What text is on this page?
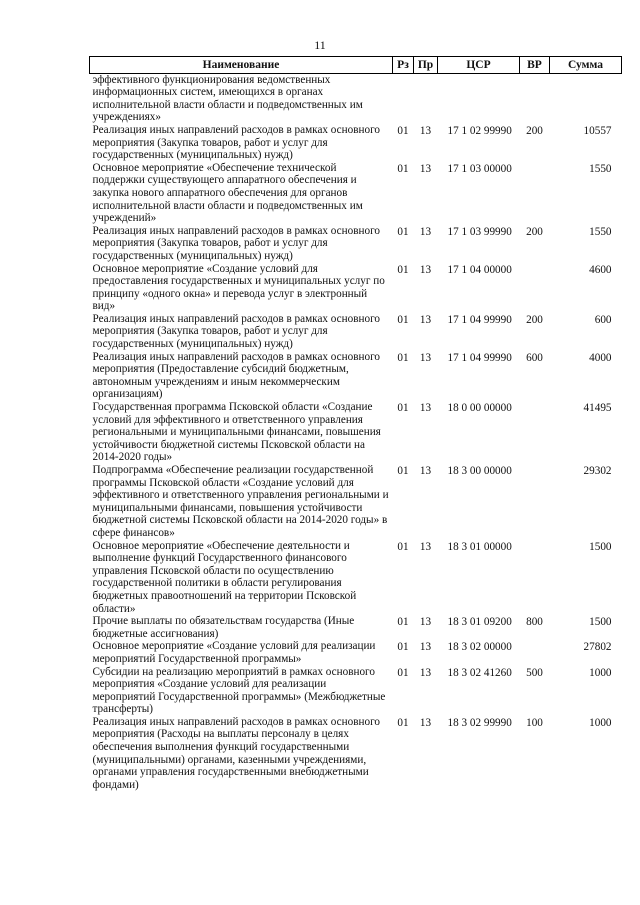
11
Наименование	Рз	Пр	ЦСР	ВР	Сумма
эффективного функционирования ведомственных информационных систем, имеющихся в органах исполнительной власти области и подведомственных им учреждениях»					
Реализация иных направлений расходов в рамках основного мероприятия (Закупка товаров, работ и услуг для государственных (муниципальных) нужд)	01	13	17 1 02 99990	200	10557
Основное мероприятие «Обеспечение технической поддержки существующего аппаратного обеспечения и закупка нового аппаратного обеспечения для органов исполнительной власти области и подведомственных им учреждений»	01	13	17 1 03 00000		1550
Реализация иных направлений расходов в рамках основного мероприятия (Закупка товаров, работ и услуг для государственных (муниципальных) нужд)	01	13	17 1 03 99990	200	1550
Основное мероприятие «Создание условий для предоставления государственных и муниципальных услуг по принципу «одного окна» и перевода услуг в электронный вид»	01	13	17 1 04 00000		4600
Реализация иных направлений расходов в рамках основного мероприятия (Закупка товаров, работ и услуг для государственных (муниципальных) нужд)	01	13	17 1 04 99990	200	600
Реализация иных направлений расходов в рамках основного мероприятия (Предоставление субсидий бюджетным, автономным учреждениям и иным некоммерческим организациям)	01	13	17 1 04 99990	600	4000
Государственная программа Псковской области «Создание условий для эффективного и ответственного управления региональными и муниципальными финансами, повышения устойчивости бюджетной системы Псковской области на 2014-2020 годы»	01	13	18 0 00 00000		41495
Подпрограмма «Обеспечение реализации государственной программы Псковской области «Создание условий для эффективного и ответственного управления региональными и муниципальными финансами, повышения устойчивости бюджетной системы Псковской области на 2014-2020 годы» в сфере финансов»	01	13	18 3 00 00000		29302
Основное мероприятие «Обеспечение деятельности и выполнение функций Государственного финансового управления Псковской области по осуществлению государственной политики в области регулирования бюджетных правоотношений на территории Псковской области»	01	13	18 3 01 00000		1500
Прочие выплаты по обязательствам государства (Иные бюджетные ассигнования)	01	13	18 3 01 09200	800	1500
Основное мероприятие «Создание условий для реализации мероприятий Государственной программы»	01	13	18 3 02 00000		27802
Субсидии на реализацию мероприятий в рамках основного мероприятия «Создание условий для реализации мероприятий Государственной программы» (Межбюджетные трансферты)	01	13	18 3 02 41260	500	1000
Реализация иных направлений расходов в рамках основного мероприятия (Расходы на выплаты персоналу в целях обеспечения выполнения функций государственными (муниципальными) органами, казенными учреждениями, органами управления государственными внебюджетными фондами)	01	13	18 3 02 99990	100	1000
